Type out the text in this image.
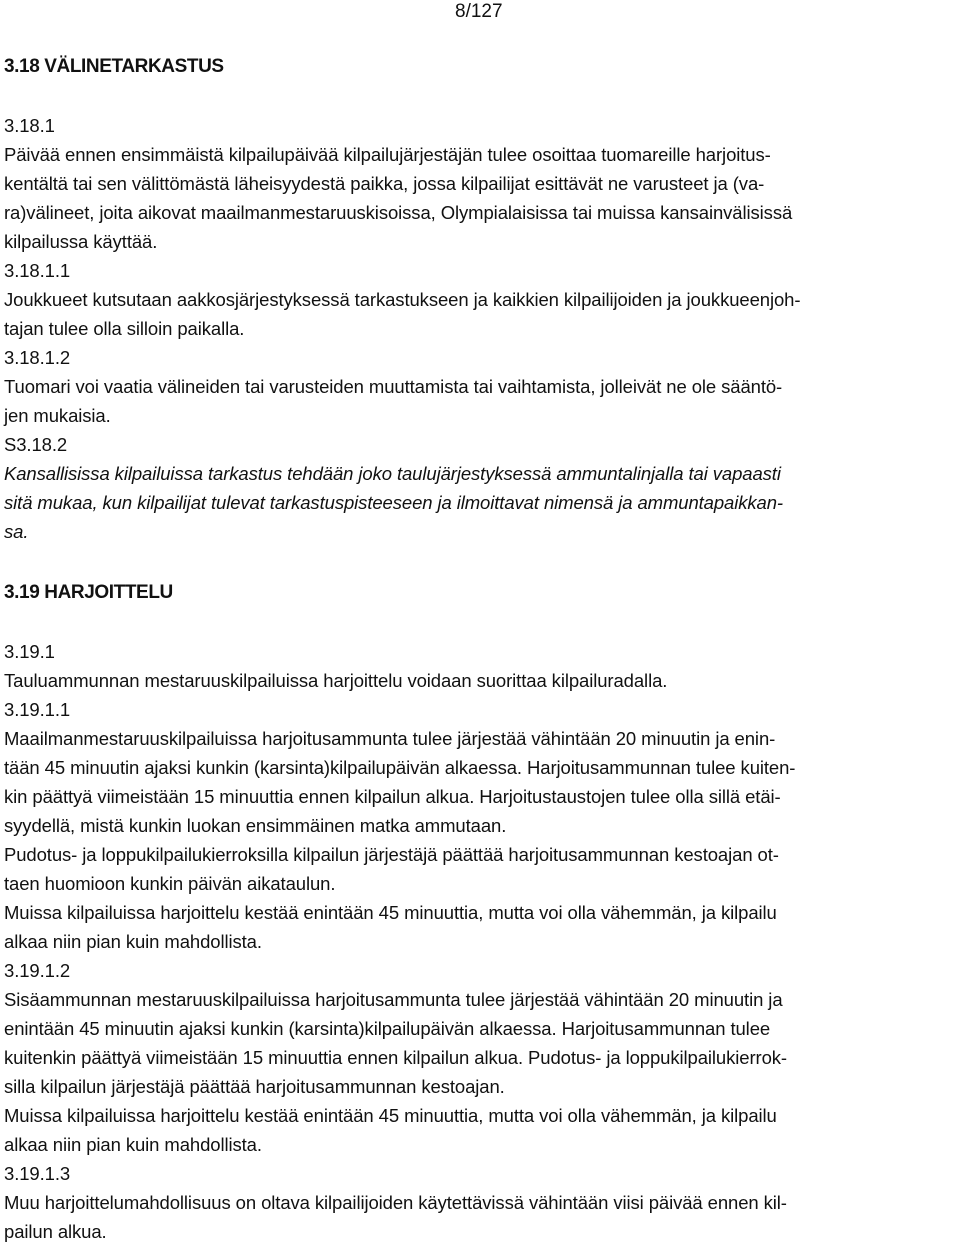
8/127
3.18 VÄLINETARKASTUS

3.18.1

Päivää ennen ensimmäistä kilpailupäivää kilpailujärjestäjän tulee osoittaa tuomareille harjoitus-

kentältä tai sen välittömästä läheisyydestä paikka, jossa kilpailijat esittävät ne varusteet ja (va-

ra)välineet, joita aikovat maailmanmestaruuskisoissa, Olympialaisissa tai muissa kansainvälisissä

kilpailussa käyttää.

3.18.1.1

Joukkueet kutsutaan aakkosjärjestyksessä tarkastukseen ja kaikkien kilpailijoiden ja joukkueenjoh-

tajan tulee olla silloin paikalla.

3.18.1.2

Tuomari voi vaatia välineiden tai varusteiden muuttamista tai vaihtamista, jolleivät ne ole sääntö-

jen mukaisia.

S3.18.2

Kansallisissa kilpailuissa tarkastus tehdään joko taulujärjestyksessä ammuntalinjalla tai vapaasti

sitä mukaa, kun kilpailijat tulevat tarkastuspisteeseen ja ilmoittavat nimensä ja ammuntapaikkan-

sa.

3.19 HARJOITTELU

3.19.1

Tauluammunnan mestaruuskilpailuissa harjoittelu voidaan suorittaa kilpailuradalla.

3.19.1.1

Maailmanmestaruuskilpailuissa harjoitusammunta tulee järjestää vähintään 20 minuutin ja enin-

tään 45 minuutin ajaksi kunkin (karsinta)kilpailupäivän alkaessa. Harjoitusammunnan tulee kuiten-

kin päättyä viimeistään 15 minuuttia ennen kilpailun alkua. Harjoitustaustojen tulee olla sillä etäi-

syydellä, mistä kunkin luokan ensimmäinen matka ammutaan.

Pudotus- ja loppukilpailukierroksilla kilpailun järjestäjä päättää harjoitusammunnan kestoajan ot-

taen huomioon kunkin päivän aikataulun.

Muissa kilpailuissa harjoittelu kestää enintään 45 minuuttia, mutta voi olla vähemmän, ja kilpailu

alkaa niin pian kuin mahdollista.

3.19.1.2

Sisäammunnan mestaruuskilpailuissa harjoitusammunta tulee järjestää vähintään 20 minuutin ja

enintään 45 minuutin ajaksi kunkin (karsinta)kilpailupäivän alkaessa. Harjoitusammunnan tulee

kuitenkin päättyä viimeistään 15 minuuttia ennen kilpailun alkua. Pudotus- ja loppukilpailukierrok-

silla kilpailun järjestäjä päättää harjoitusammunnan kestoajan.

Muissa kilpailuissa harjoittelu kestää enintään 45 minuuttia, mutta voi olla vähemmän, ja kilpailu

alkaa niin pian kuin mahdollista.

3.19.1.3

Muu harjoittelumahdollisuus on oltava kilpailijoiden käytettävissä vähintään viisi päivää ennen kil-

pailun alkua.
